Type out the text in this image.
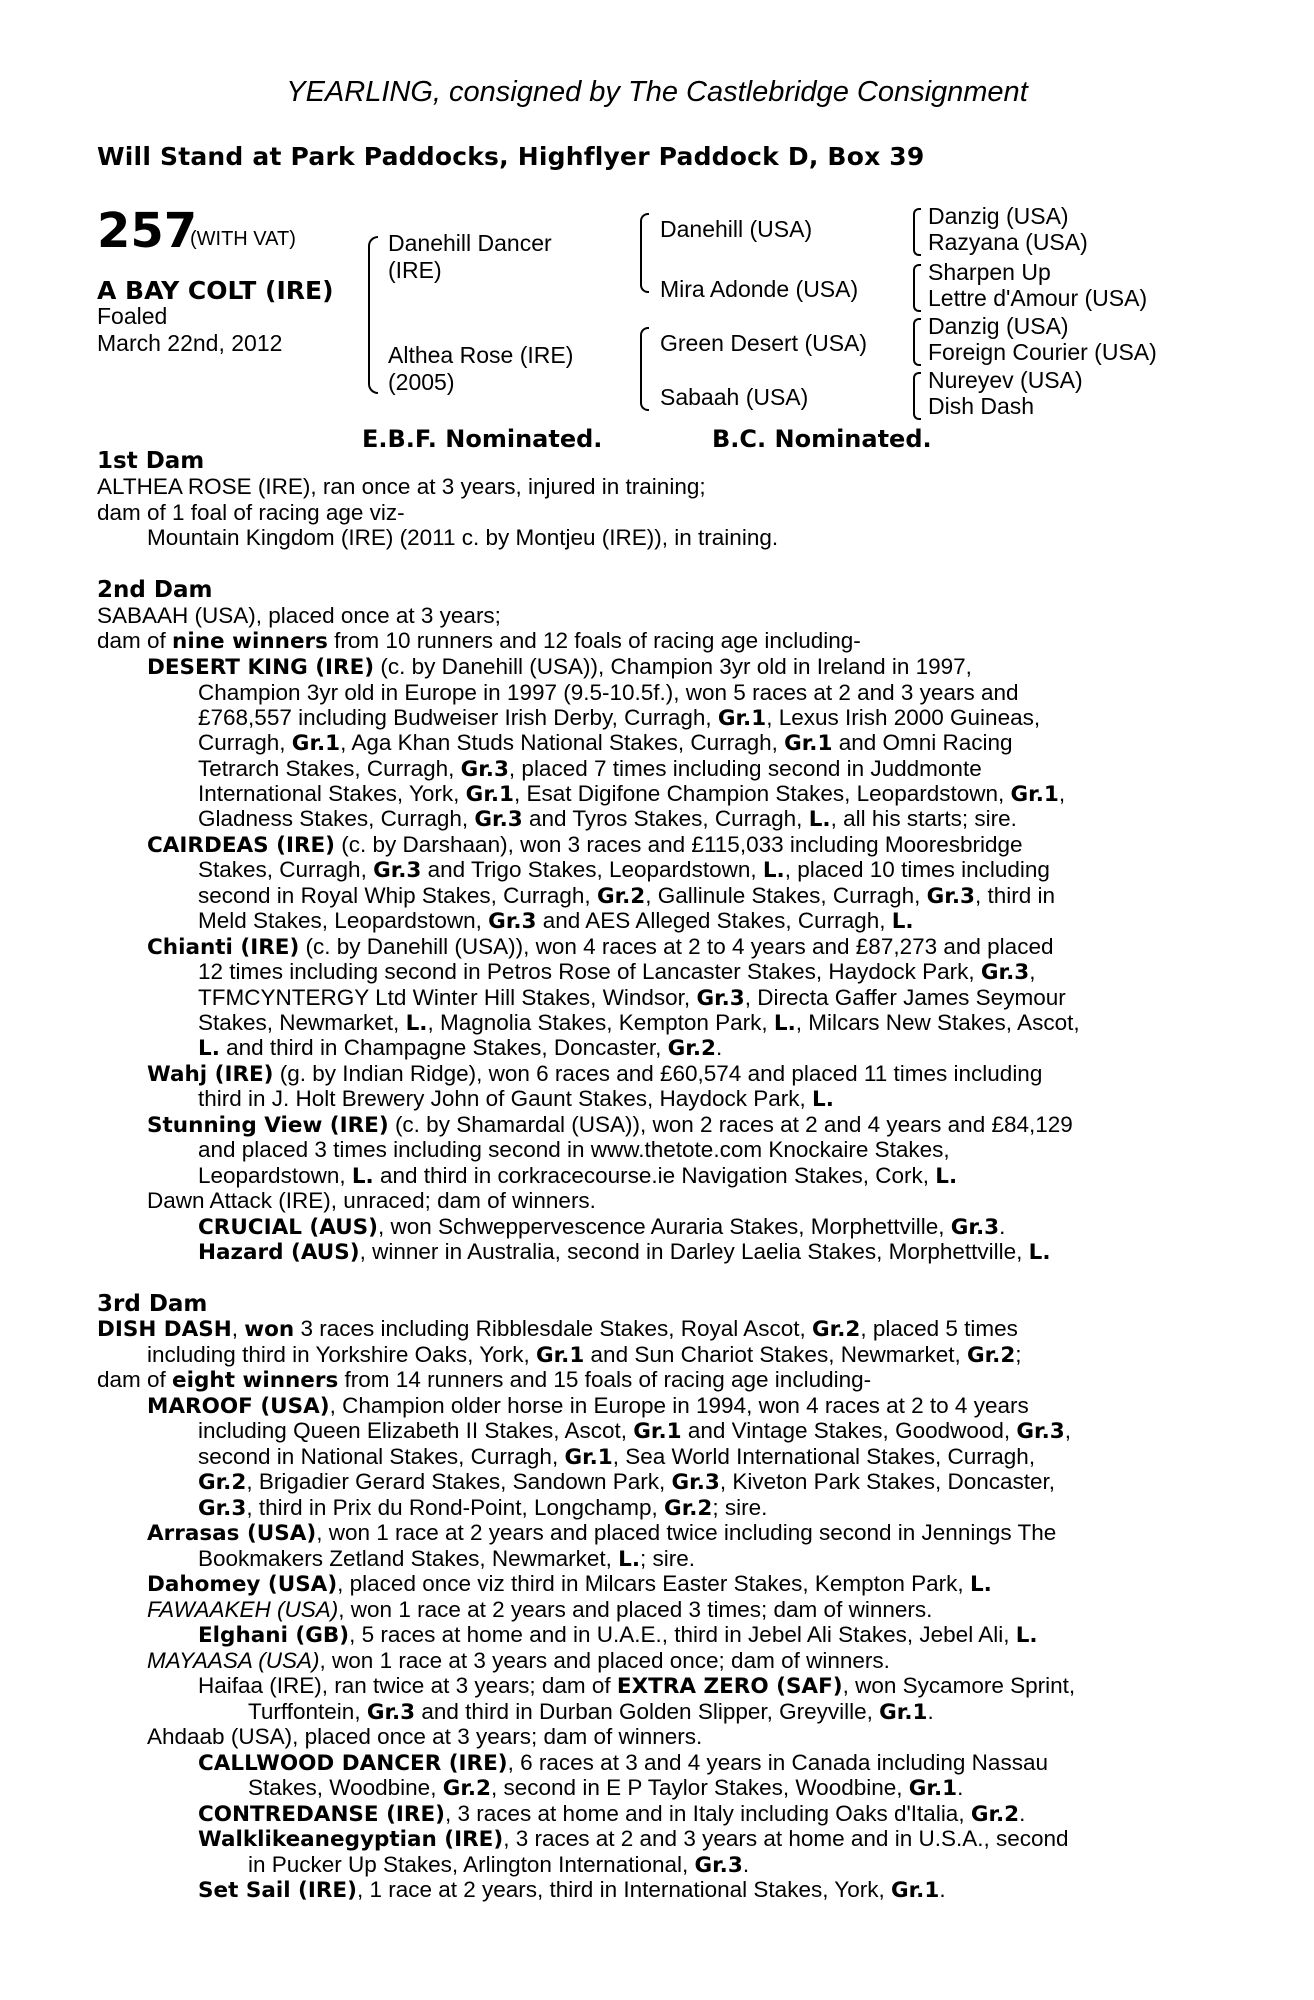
YEARLING, consigned by The Castlebridge Consignment
Will Stand at Park Paddocks, Highflyer Paddock D, Box 39
257
(WITH VAT)
A BAY COLT (IRE)
Foaled
March 22nd, 2012
Danehill Dancer
(IRE)
Althea Rose (IRE)
(2005)
Danehill (USA)
Mira Adonde (USA)
Green Desert (USA)
Sabaah (USA)
Danzig (USA)
Razyana (USA)
Sharpen Up
Lettre d'Amour (USA)
Danzig (USA)
Foreign Courier (USA)
Nureyev (USA)
Dish Dash
E.B.F. Nominated.	B.C. Nominated.
1st Dam
ALTHEA ROSE (IRE), ran once at 3 years, injured in training;
dam of 1 foal of racing age viz-
Mountain Kingdom (IRE) (2011 c. by Montjeu (IRE)), in training.
2nd Dam
SABAAH (USA), placed once at 3 years;
dam of nine winners from 10 runners and 12 foals of racing age including-
DESERT KING (IRE) (c. by Danehill (USA)), Champion 3yr old in Ireland in 1997,
Champion 3yr old in Europe in 1997 (9.5-10.5f.), won 5 races at 2 and 3 years and
£768,557 including Budweiser Irish Derby, Curragh, Gr.1, Lexus Irish 2000 Guineas,
Curragh, Gr.1, Aga Khan Studs National Stakes, Curragh, Gr.1 and Omni Racing
Tetrarch Stakes, Curragh, Gr.3, placed 7 times including second in Juddmonte
International Stakes, York, Gr.1, Esat Digifone Champion Stakes, Leopardstown, Gr.1,
Gladness Stakes, Curragh, Gr.3 and Tyros Stakes, Curragh, L., all his starts; sire.
CAIRDEAS (IRE) (c. by Darshaan), won 3 races and £115,033 including Mooresbridge
Stakes, Curragh, Gr.3 and Trigo Stakes, Leopardstown, L., placed 10 times including
second in Royal Whip Stakes, Curragh, Gr.2, Gallinule Stakes, Curragh, Gr.3, third in
Meld Stakes, Leopardstown, Gr.3 and AES Alleged Stakes, Curragh, L.
Chianti (IRE) (c. by Danehill (USA)), won 4 races at 2 to 4 years and £87,273 and placed
12 times including second in Petros Rose of Lancaster Stakes, Haydock Park, Gr.3,
TFMCYNTERGY Ltd Winter Hill Stakes, Windsor, Gr.3, Directa Gaffer James Seymour
Stakes, Newmarket, L., Magnolia Stakes, Kempton Park, L., Milcars New Stakes, Ascot,
L. and third in Champagne Stakes, Doncaster, Gr.2.
Wahj (IRE) (g. by Indian Ridge), won 6 races and £60,574 and placed 11 times including
third in J. Holt Brewery John of Gaunt Stakes, Haydock Park, L.
Stunning View (IRE) (c. by Shamardal (USA)), won 2 races at 2 and 4 years and £84,129
and placed 3 times including second in www.thetote.com Knockaire Stakes,
Leopardstown, L. and third in corkracecourse.ie Navigation Stakes, Cork, L.
Dawn Attack (IRE), unraced; dam of winners.
CRUCIAL (AUS), won Schweppervescence Auraria Stakes, Morphettville, Gr.3.
Hazard (AUS), winner in Australia, second in Darley Laelia Stakes, Morphettville, L.
3rd Dam
DISH DASH, won 3 races including Ribblesdale Stakes, Royal Ascot, Gr.2, placed 5 times
including third in Yorkshire Oaks, York, Gr.1 and Sun Chariot Stakes, Newmarket, Gr.2;
dam of eight winners from 14 runners and 15 foals of racing age including-
MAROOF (USA), Champion older horse in Europe in 1994, won 4 races at 2 to 4 years
including Queen Elizabeth II Stakes, Ascot, Gr.1 and Vintage Stakes, Goodwood, Gr.3,
second in National Stakes, Curragh, Gr.1, Sea World International Stakes, Curragh,
Gr.2, Brigadier Gerard Stakes, Sandown Park, Gr.3, Kiveton Park Stakes, Doncaster,
Gr.3, third in Prix du Rond-Point, Longchamp, Gr.2; sire.
Arrasas (USA), won 1 race at 2 years and placed twice including second in Jennings The
Bookmakers Zetland Stakes, Newmarket, L.; sire.
Dahomey (USA), placed once viz third in Milcars Easter Stakes, Kempton Park, L.
FAWAAKEH (USA), won 1 race at 2 years and placed 3 times; dam of winners.
Elghani (GB), 5 races at home and in U.A.E., third in Jebel Ali Stakes, Jebel Ali, L.
MAYAASA (USA), won 1 race at 3 years and placed once; dam of winners.
Haifaa (IRE), ran twice at 3 years; dam of EXTRA ZERO (SAF), won Sycamore Sprint,
Turffontein, Gr.3 and third in Durban Golden Slipper, Greyville, Gr.1.
Ahdaab (USA), placed once at 3 years; dam of winners.
CALLWOOD DANCER (IRE), 6 races at 3 and 4 years in Canada including Nassau
Stakes, Woodbine, Gr.2, second in E P Taylor Stakes, Woodbine, Gr.1.
CONTREDANSE (IRE), 3 races at home and in Italy including Oaks d'Italia, Gr.2.
Walklikeanegyptian (IRE), 3 races at 2 and 3 years at home and in U.S.A., second
in Pucker Up Stakes, Arlington International, Gr.3.
Set Sail (IRE), 1 race at 2 years, third in International Stakes, York, Gr.1.
